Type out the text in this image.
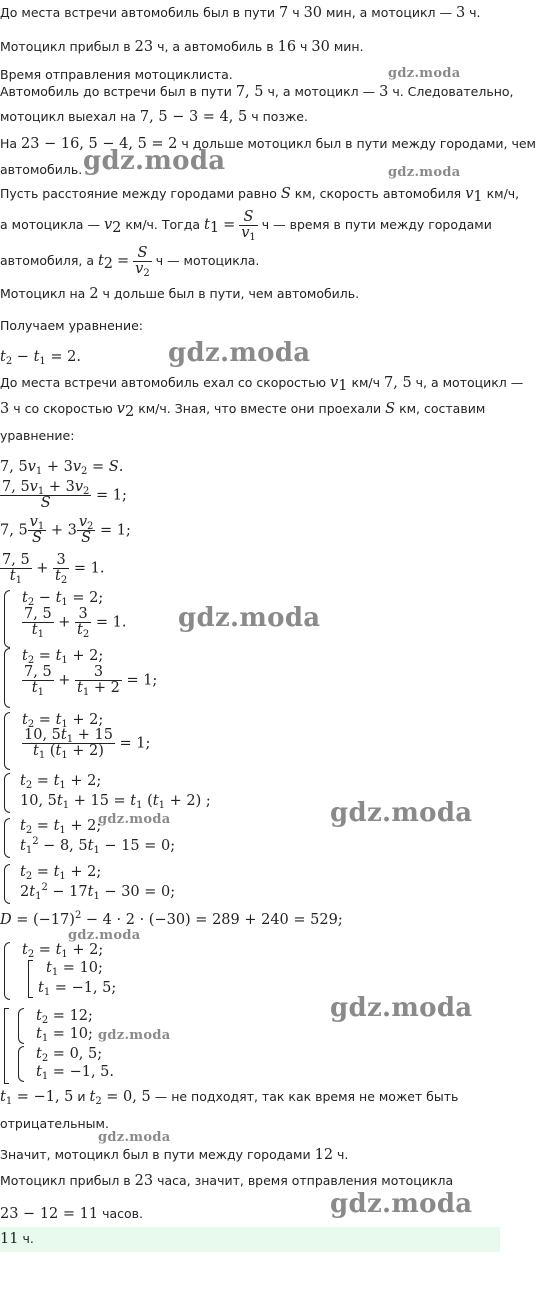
gdz.moda
gdz.moda	gdz.moda
gdz.moda
gdz.moda
gdz.moda	gdz.moda
gdz.moda
gdz.moda
gdz.moda
gdz.moda
gdz.moda
До места встречи автомобиль был в пути 7 ч 30 мин, а мотоцикл — 3 ч.
Мотоцикл прибыл в 23 ч, а автомобиль в 16 ч 30 мин.
Время отправления мотоциклиста.
Автомобиль до встречи был в пути 7, 5 ч, а мотоцикл — 3 ч. Следовательно,
мотоцикл выехал на 7, 5 − 3 = 4, 5 ч позже.
На 23 − 16, 5 − 4, 5 = 2 ч дольше мотоцикл был в пути между городами, чем
автомобиль.
Пусть расстояние между городами равно S км, скорость автомобиля $v_1$ км/ч,
а мотоцикла — $v_2$ км/ч. Тогда $t_1 = \frac{S}{v_1}$ ч — время в пути между городами
автомобиля, а $t_2 = \frac{S}{v_2}$ ч — мотоцикла.
Мотоцикл на 2 ч дольше был в пути, чем автомобиль.
Получаем уравнение:
$t_2 - t_1 = 2$.
До места встречи автомобиль ехал со скоростью $v_1$ км/ч 7, 5 ч, а мотоцикл —
3 ч со скоростью $v_2$ км/ч. Зная, что вместе они проехали S км, составим
уравнение:
7, $5v_1 + 3v_2 = S$.
$\frac{7, 5v_1 + 3v_2}{S} = 1$;
7, $5 \frac{v_1}{S} + 3 \frac{v_2}{S} = 1$;
$\frac{7, 5}{t_1} + \frac{3}{t_2} = 1$.
$t_2 - t_1 = 2$;
$\frac{7, 5}{t_1} + \frac{3}{t_2} = 1$.
$t_2 = t_1 + 2$;
$\frac{7, 5}{t_1} + \frac{3}{t_1 + 2} = 1$;
$t_2 = t_1 + 2$;
$\frac{10, 5t_1 + 15}{t_1 (t_1 + 2)} = 1$;
$t_2 = t_1 + 2$;
10, $5t_1 + 15 = t_1$ $(t_1 + 2)$ ;
$t_2 = t_1 + 2$;
$t_1^2 - 8$, $5t_1 - 15 = 0$;
$t_2 = t_1 + 2$;
$2t_1^2 - 17t_1 - 30 = 0$;
$D = (-17)^2 - 4 \cdot 2 \cdot (-30) = 289 + 240 = 529$;
$t_2 = t_1 + 2$;
$t_1 = 10$;
$t_1 = -1$, 5;
$t_2 = 12$;
$t_1 = 10$;
$t_2 = 0$, 5;
$t_1 = -1$, 5.
$t_1 = -1$, 5 и $t_2 = 0$, 5 — не подходят, так как время не может быть
отрицательным.
Значит, мотоцикл был в пути между городами 12 ч.
Мотоцикл прибыл в 23 часа, значит, время отправления мотоцикла
23 − 12 = 11 часов.
11 ч.
